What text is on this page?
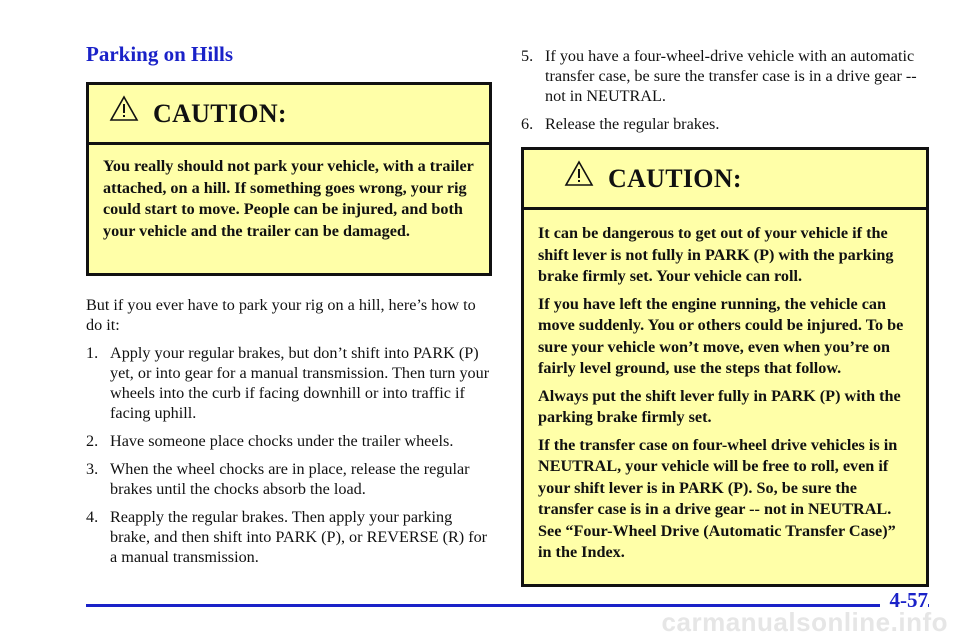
Parking on Hills
CAUTION:

You really should not park your vehicle, with a trailer attached, on a hill. If something goes wrong, your rig could start to move. People can be injured, and both your vehicle and the trailer can be damaged.

But if you ever have to park your rig on a hill, here’s how to do it:

1. Apply your regular brakes, but don’t shift into PARK (P) yet, or into gear for a manual transmission. Then turn your wheels into the curb if facing downhill or into traffic if facing uphill.
2. Have someone place chocks under the trailer wheels.
3. When the wheel chocks are in place, release the regular brakes until the chocks absorb the load.
4. Reapply the regular brakes. Then apply your parking brake, and then shift into PARK (P), or REVERSE (R) for a manual transmission.
5. If you have a four-wheel-drive vehicle with an automatic transfer case, be sure the transfer case is in a drive gear -- not in NEUTRAL.
6. Release the regular brakes.
CAUTION:

It can be dangerous to get out of your vehicle if the shift lever is not fully in PARK (P) with the parking brake firmly set. Your vehicle can roll.

If you have left the engine running, the vehicle can move suddenly. You or others could be injured. To be sure your vehicle won’t move, even when you’re on fairly level ground, use the steps that follow.

Always put the shift lever fully in PARK (P) with the parking brake firmly set.

If the transfer case on four-wheel drive vehicles is in NEUTRAL, your vehicle will be free to roll, even if your shift lever is in PARK (P). So, be sure the transfer case is in a drive gear -- not in NEUTRAL. See “Four-Wheel Drive (Automatic Transfer Case)” in the Index.

4-57
carmanualsonline.info
